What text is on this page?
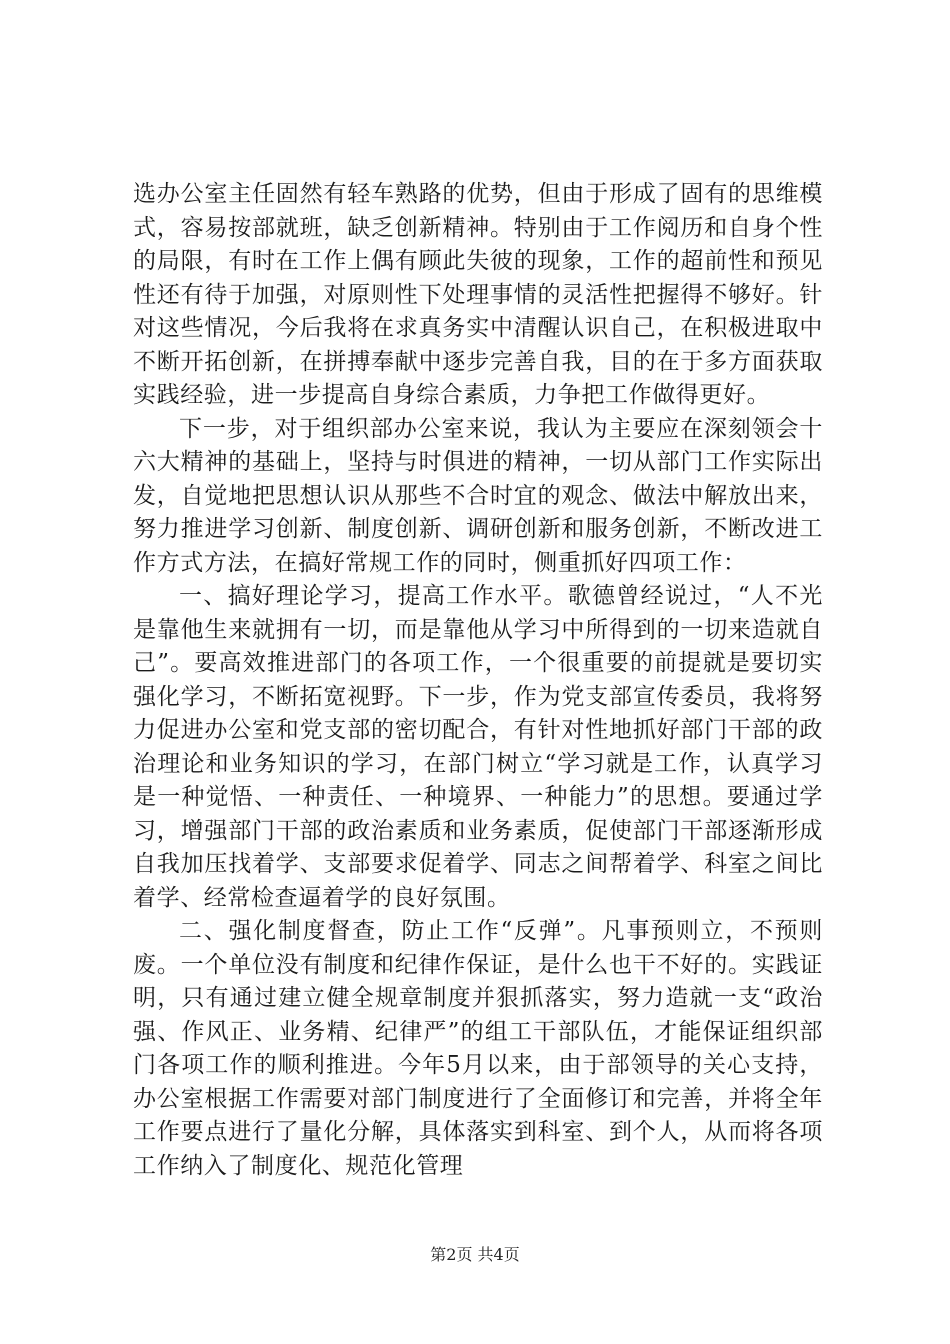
选办公室主任固然有轻车熟路的优势，但由于形成了固有的思维模式，容易按部就班，缺乏创新精神。特别由于工作阅历和自身个性的局限，有时在工作上偶有顾此失彼的现象，工作的超前性和预见性还有待于加强，对原则性下处理事情的灵活性把握得不够好。针对这些情况，今后我将在求真务实中清醒认识自己，在积极进取中不断开拓创新，在拼搏奉献中逐步完善自我，目的在于多方面获取实践经验，进一步提高自身综合素质，力争把工作做得更好。

下一步，对于组织部办公室来说，我认为主要应在深刻领会十六大精神的基础上，坚持与时俱进的精神，一切从部门工作实际出发，自觉地把思想认识从那些不合时宜的观念、做法中解放出来，努力推进学习创新、制度创新、调研创新和服务创新，不断改进工作方式方法，在搞好常规工作的同时，侧重抓好四项工作：

一、搞好理论学习，提高工作水平。歌德曾经说过，“人不光是靠他生来就拥有一切，而是靠他从学习中所得到的一切来造就自己”。要高效推进部门的各项工作，一个很重要的前提就是要切实强化学习，不断拓宽视野。下一步，作为党支部宣传委员，我将努力促进办公室和党支部的密切配合，有针对性地抓好部门干部的政治理论和业务知识的学习，在部门树立“学习就是工作，认真学习是一种觉悟、一种责任、一种境界、一种能力”的思想。要通过学习，增强部门干部的政治素质和业务素质，促使部门干部逐渐形成自我加压找着学、支部要求促着学、同志之间帮着学、科室之间比着学、经常检查逼着学的良好氛围。

二、强化制度督查，防止工作“反弹”。凡事预则立，不预则废。一个单位没有制度和纪律作保证，是什么也干不好的。实践证明，只有通过建立健全规章制度并狠抓落实，努力造就一支“政治强、作风正、业务精、纪律严”的组工干部队伍，才能保证组织部门各项工作的顺利推进。今年5月以来，由于部领导的关心支持，办公室根据工作需要对部门制度进行了全面修订和完善，并将全年工作要点进行了量化分解，具体落实到科室、到个人，从而将各项工作纳入了制度化、规范化管理

第2页 共4页
